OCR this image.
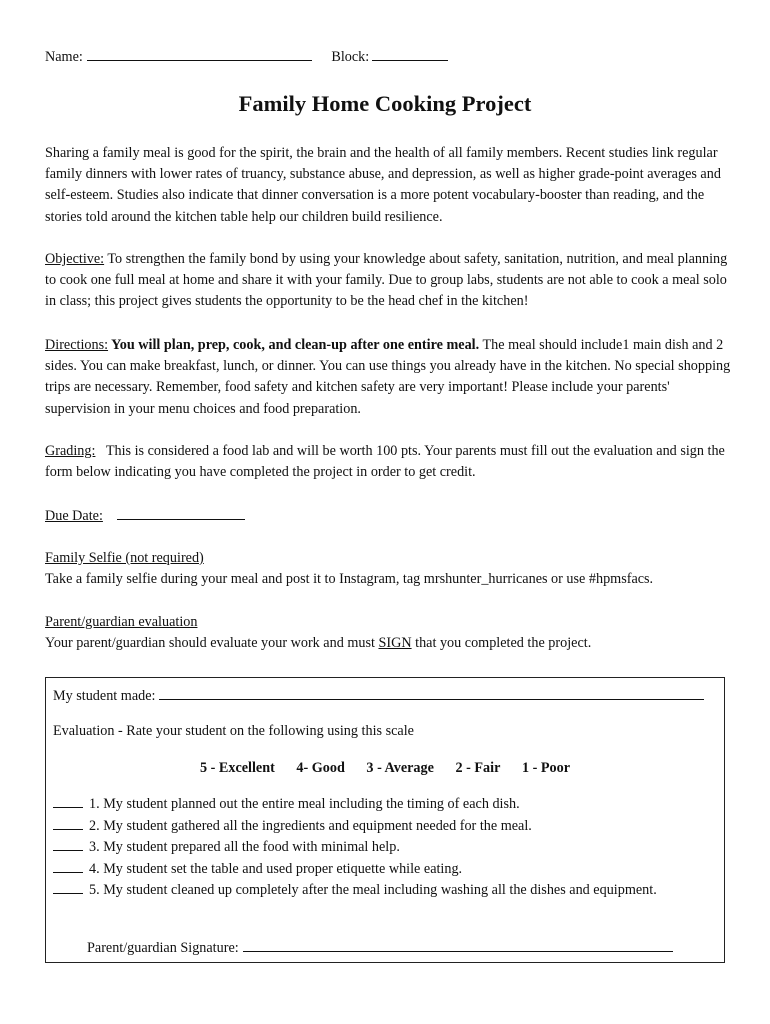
Name:	Block:
Family Home Cooking Project

Sharing a family meal is good for the spirit, the brain and the health of all family members. Recent studies link regular family dinners with lower rates of truancy, substance abuse, and depression, as well as higher grade-point averages and self-esteem. Studies also indicate that dinner conversation is a more potent vocabulary-booster than reading, and the stories told around the kitchen table help our children build resilience.

Objective: To strengthen the family bond by using your knowledge about safety, sanitation, nutrition, and meal planning to cook one full meal at home and share it with your family. Due to group labs, students are not able to cook a meal solo in class; this project gives students the opportunity to be the head chef in the kitchen!

Directions: You will plan, prep, cook, and clean-up after one entire meal. The meal should include1 main dish and 2 sides. You can make breakfast, lunch, or dinner. You can use things you already have in the kitchen. No special shopping trips are necessary. Remember, food safety and kitchen safety are very important! Please include your parents' supervision in your menu choices and food preparation.

Grading:   This is considered a food lab and will be worth 100 pts. Your parents must fill out the evaluation and sign the form below indicating you have completed the project in order to get credit.

Due Date:

Family Selfie (not required)
Take a family selfie during your meal and post it to Instagram, tag mrshunter_hurricanes or use #hpmsfacs.

Parent/guardian evaluation
Your parent/guardian should evaluate your work and must SIGN that you completed the project.

My student made:
Evaluation - Rate your student on the following using this scale
5 - Excellent 4- Good 3 - Average 2 - Fair 1 - Poor
1. My student planned out the entire meal including the timing of each dish.
2. My student gathered all the ingredients and equipment needed for the meal.
3. My student prepared all the food with minimal help.
4. My student set the table and used proper etiquette while eating.
5. My student cleaned up completely after the meal including washing all the dishes and equipment.
Parent/guardian Signature:
